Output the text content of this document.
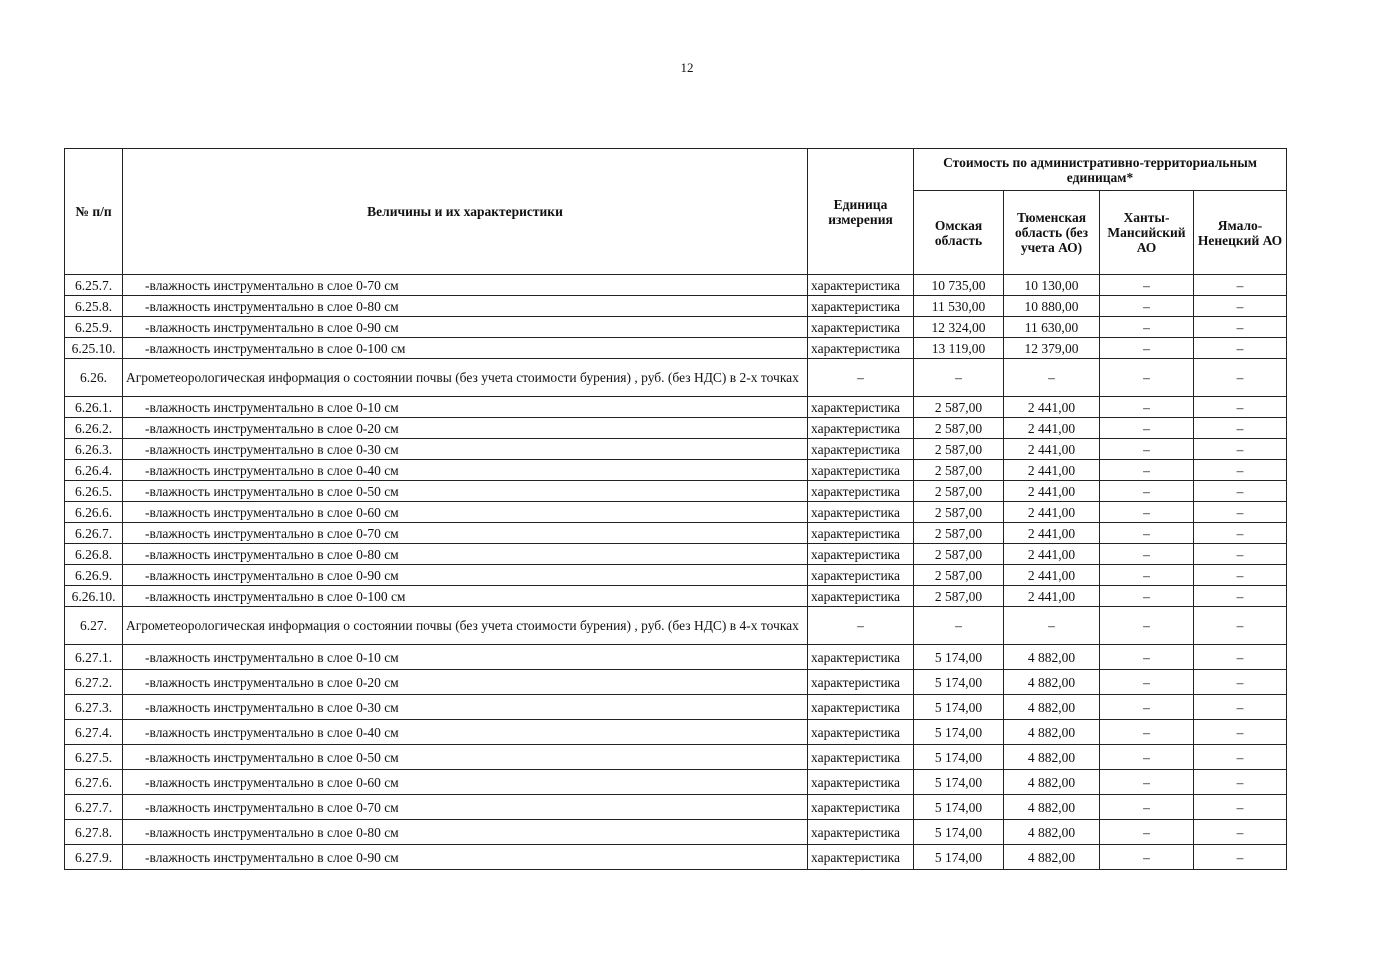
12
№ п/п	Величины и их характеристики	Единица измерения	Стоимость по административно-территориальным единицам*			
			Омская область	Тюменская область (без учета АО)	Ханты-Мансийский АО	Ямало-Ненецкий АО
6.25.7.	-влажность инструментально в слое 0-70 см	характеристика	10 735,00	10 130,00	–	–
6.25.8.	-влажность инструментально в слое 0-80 см	характеристика	11 530,00	10 880,00	–	–
6.25.9.	-влажность инструментально в слое 0-90 см	характеристика	12 324,00	11 630,00	–	–
6.25.10.	-влажность инструментально в слое 0-100 см	характеристика	13 119,00	12 379,00	–	–
6.26.	Агрометеорологическая информация о состоянии почвы (без учета стоимости бурения) , руб. (без НДС) в 2-х точках	–	–	–	–	–
6.26.1.	-влажность инструментально в слое 0-10 см	характеристика	2 587,00	2 441,00	–	–
6.26.2.	-влажность инструментально в слое 0-20 см	характеристика	2 587,00	2 441,00	–	–
6.26.3.	-влажность инструментально в слое 0-30 см	характеристика	2 587,00	2 441,00	–	–
6.26.4.	-влажность инструментально в слое 0-40 см	характеристика	2 587,00	2 441,00	–	–
6.26.5.	-влажность инструментально в слое 0-50 см	характеристика	2 587,00	2 441,00	–	–
6.26.6.	-влажность инструментально в слое 0-60 см	характеристика	2 587,00	2 441,00	–	–
6.26.7.	-влажность инструментально в слое 0-70 см	характеристика	2 587,00	2 441,00	–	–
6.26.8.	-влажность инструментально в слое 0-80 см	характеристика	2 587,00	2 441,00	–	–
6.26.9.	-влажность инструментально в слое 0-90 см	характеристика	2 587,00	2 441,00	–	–
6.26.10.	-влажность инструментально в слое 0-100 см	характеристика	2 587,00	2 441,00	–	–
6.27.	Агрометеорологическая информация о состоянии почвы (без учета стоимости бурения) , руб. (без НДС) в 4-х точках	–	–	–	–	–
6.27.1.	-влажность инструментально в слое 0-10 см	характеристика	5 174,00	4 882,00	–	–
6.27.2.	-влажность инструментально в слое 0-20 см	характеристика	5 174,00	4 882,00	–	–
6.27.3.	-влажность инструментально в слое 0-30 см	характеристика	5 174,00	4 882,00	–	–
6.27.4.	-влажность инструментально в слое 0-40 см	характеристика	5 174,00	4 882,00	–	–
6.27.5.	-влажность инструментально в слое 0-50 см	характеристика	5 174,00	4 882,00	–	–
6.27.6.	-влажность инструментально в слое 0-60 см	характеристика	5 174,00	4 882,00	–	–
6.27.7.	-влажность инструментально в слое 0-70 см	характеристика	5 174,00	4 882,00	–	–
6.27.8.	-влажность инструментально в слое 0-80 см	характеристика	5 174,00	4 882,00	–	–
6.27.9.	-влажность инструментально в слое 0-90 см	характеристика	5 174,00	4 882,00	–	–
